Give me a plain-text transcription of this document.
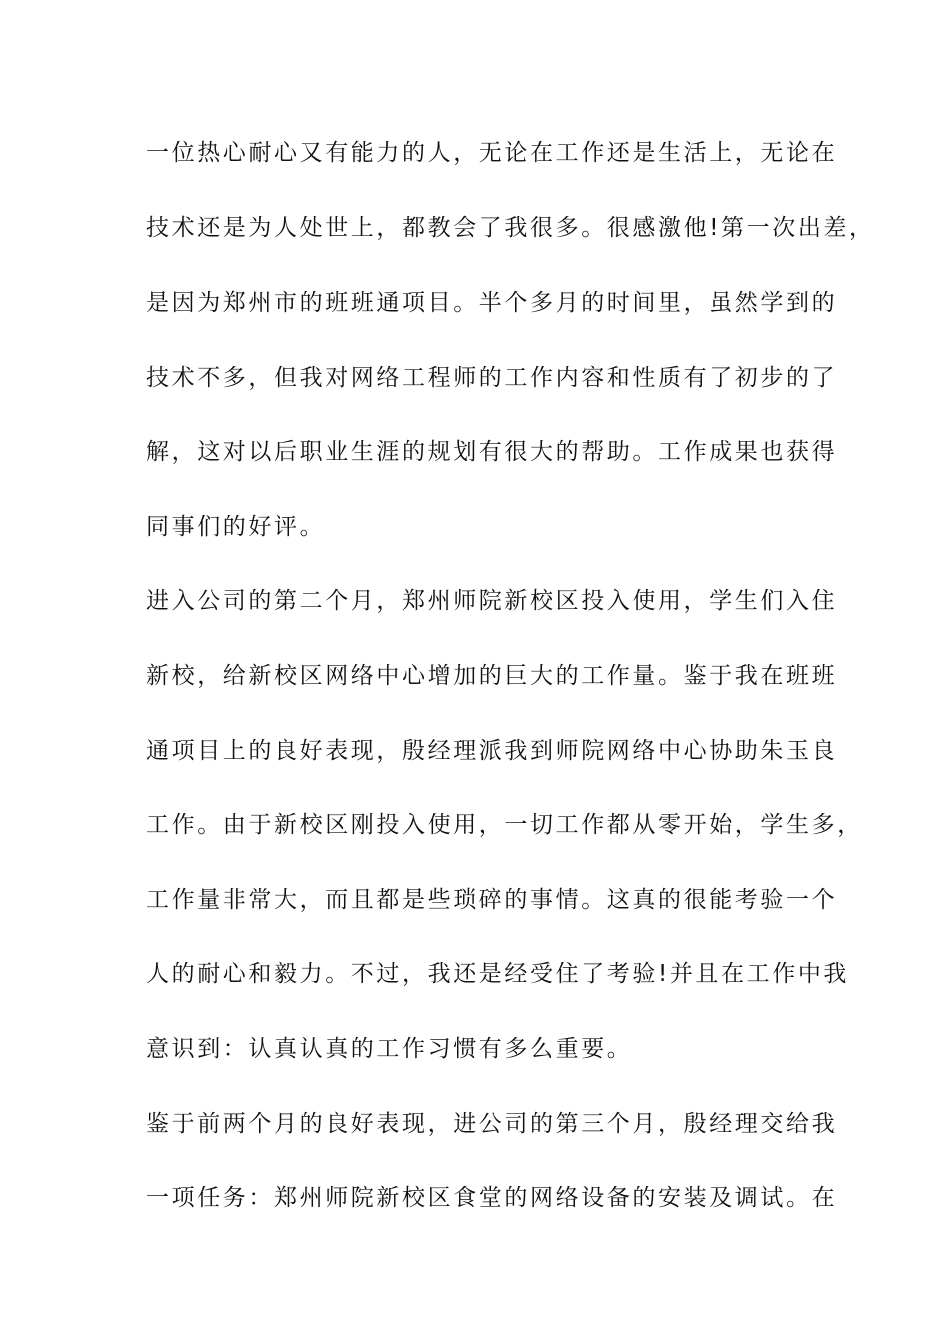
一位热心耐心又有能力的人，无论在工作还是生活上，无论在
技术还是为人处世上，都教会了我很多。很感激他!第一次出差，
是因为郑州市的班班通项目。半个多月的时间里，虽然学到的
技术不多，但我对网络工程师的工作内容和性质有了初步的了
解，这对以后职业生涯的规划有很大的帮助。工作成果也获得
同事们的好评。
进入公司的第二个月，郑州师院新校区投入使用，学生们入住
新校，给新校区网络中心增加的巨大的工作量。鉴于我在班班
通项目上的良好表现，殷经理派我到师院网络中心协助朱玉良
工作。由于新校区刚投入使用，一切工作都从零开始，学生多，
工作量非常大，而且都是些琐碎的事情。这真的很能考验一个
人的耐心和毅力。不过，我还是经受住了考验!并且在工作中我
意识到：认真认真的工作习惯有多么重要。
鉴于前两个月的良好表现，进公司的第三个月，殷经理交给我
一项任务：郑州师院新校区食堂的网络设备的安装及调试。在
